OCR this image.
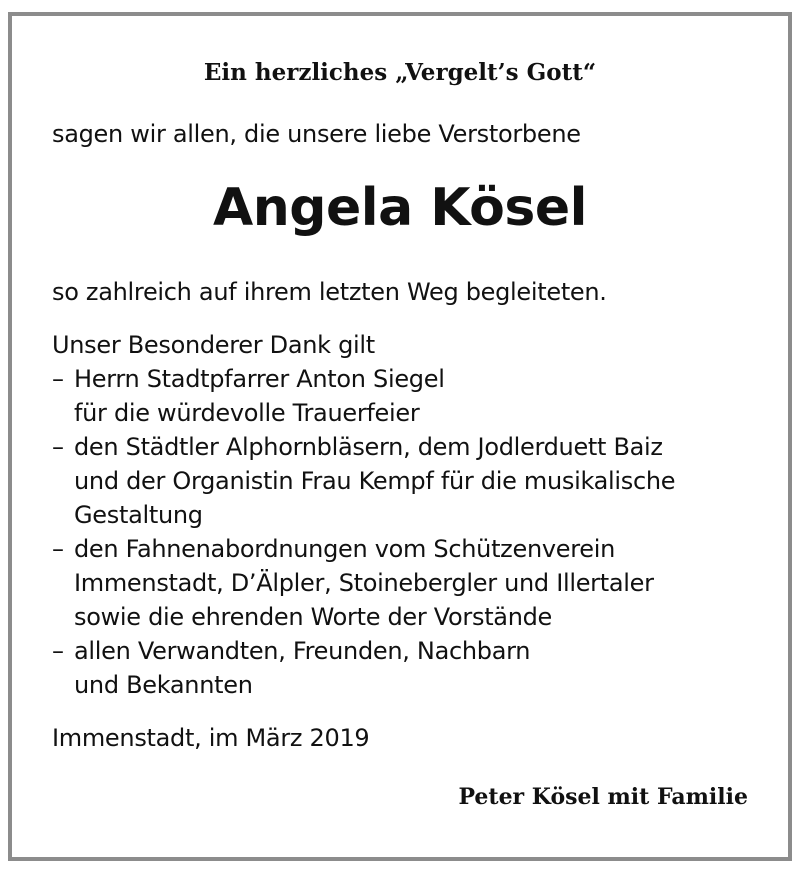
Ein herzliches „Vergelt’s Gott“
sagen wir allen, die unsere liebe Verstorbene
Angela Kösel
so zahlreich auf ihrem letzten Weg begleiteten.
Unser Besonderer Dank gilt
– Herrn Stadtpfarrer Anton Siegel
für die würdevolle Trauerfeier
– den Städtler Alphornbläsern, dem Jodlerduett Baiz
und der Organistin Frau Kempf für die musikalische
Gestaltung
– den Fahnenabordnungen vom Schützenverein
Immenstadt, D’Älpler, Stoinebergler und Illertaler
sowie die ehrenden Worte der Vorstände
– allen Verwandten, Freunden, Nachbarn
und Bekannten
Immenstadt, im März 2019
Peter Kösel mit Familie
